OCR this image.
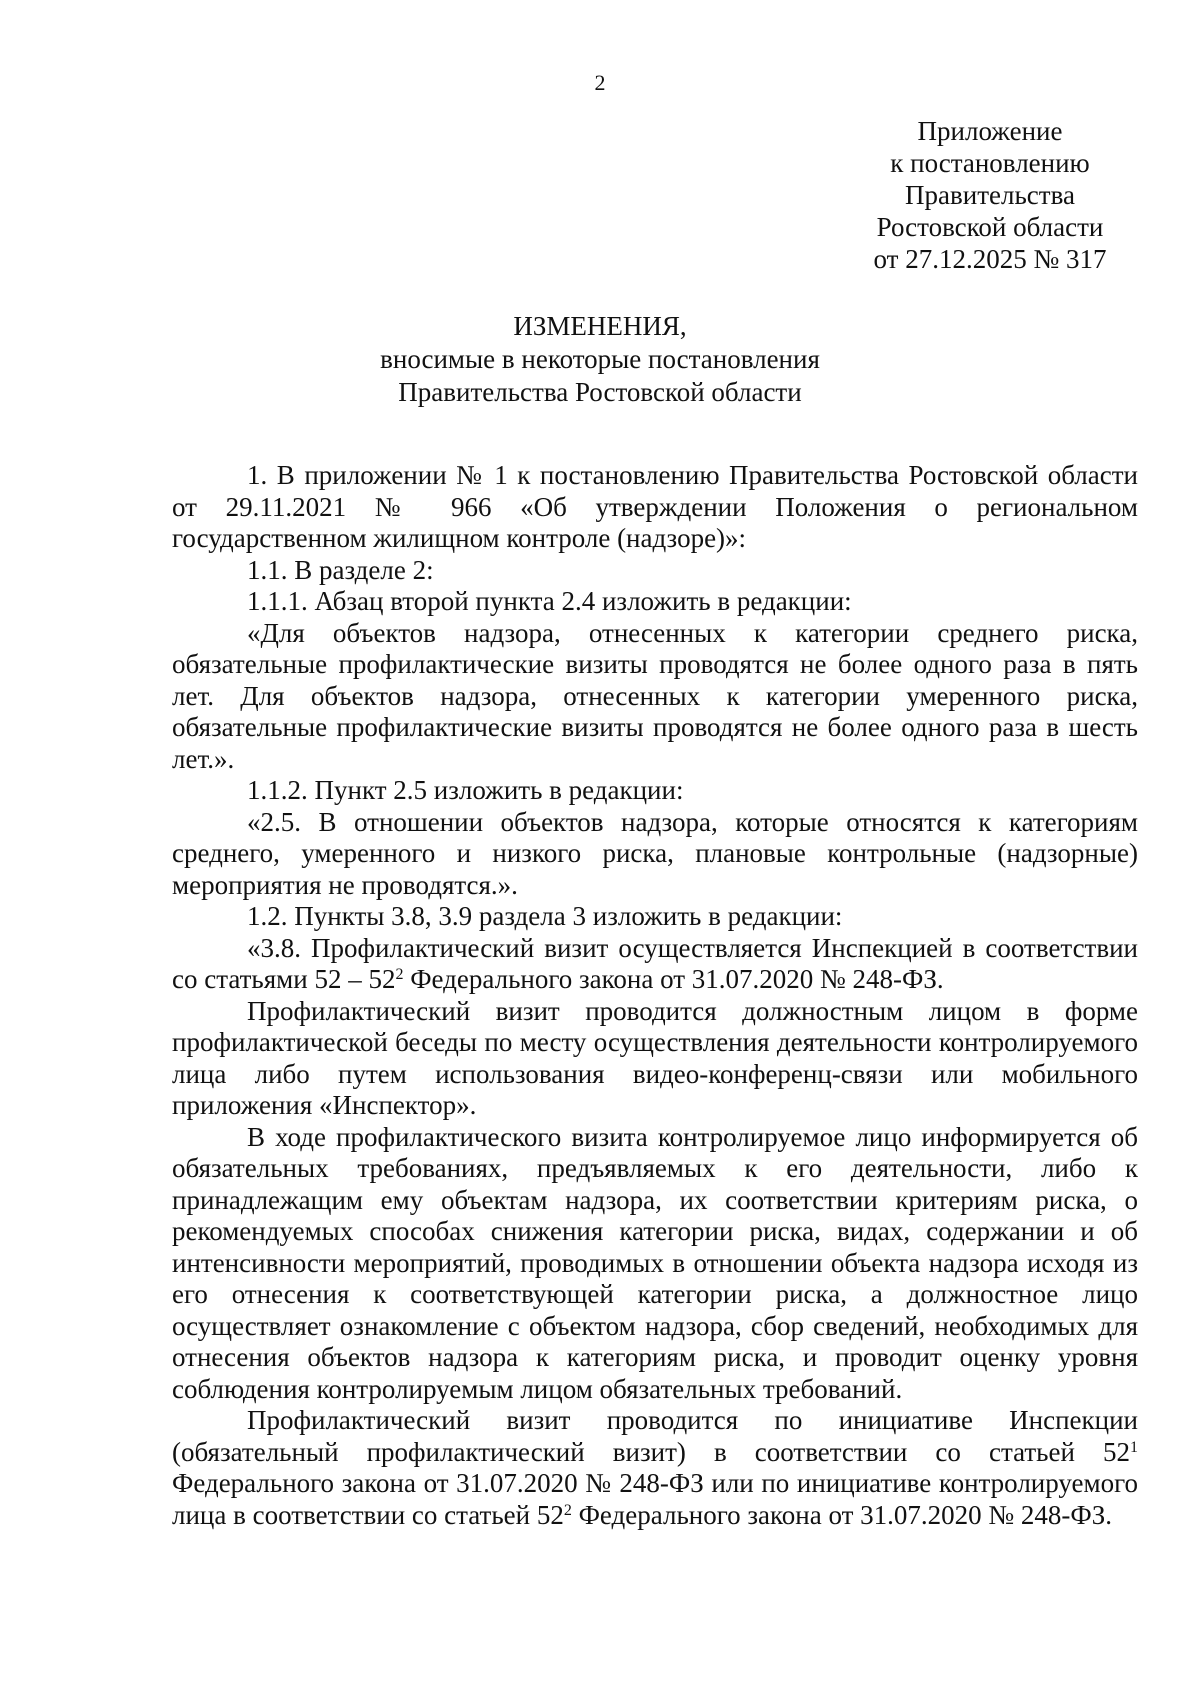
2
Приложение
к постановлению
Правительства
Ростовской области
от 27.12.2025 № 317
ИЗМЕНЕНИЯ,
вносимые в некоторые постановления
Правительства Ростовской области

1. В приложении № 1 к постановлению Правительства Ростовской области от 29.11.2021 № 966 «Об утверждении Положения о региональном государственном жилищном контроле (надзоре)»:

1.1. В разделе 2:

1.1.1. Абзац второй пункта 2.4 изложить в редакции:

«Для объектов надзора, отнесенных к категории среднего риска, обязательные профилактические визиты проводятся не более одного раза в пять лет. Для объектов надзора, отнесенных к категории умеренного риска, обязательные профилактические визиты проводятся не более одного раза в шесть лет.».

1.1.2. Пункт 2.5 изложить в редакции:

«2.5. В отношении объектов надзора, которые относятся к категориям среднего, умеренного и низкого риска, плановые контрольные (надзорные) мероприятия не проводятся.».

1.2. Пункты 3.8, 3.9 раздела 3 изложить в редакции:

«3.8. Профилактический визит осуществляется Инспекцией в соответствии со статьями $52 - 52^2$ Федерального закона от 31.07.2020 № 248-ФЗ.

Профилактический визит проводится должностным лицом в форме профилактической беседы по месту осуществления деятельности контролируемого лица либо путем использования видео-конференц-связи или мобильного приложения «Инспектор».

В ходе профилактического визита контролируемое лицо информируется об обязательных требованиях, предъявляемых к его деятельности, либо к принадлежащим ему объектам надзора, их соответствии критериям риска, о рекомендуемых способах снижения категории риска, видах, содержании и об интенсивности мероприятий, проводимых в отношении объекта надзора исходя из его отнесения к соответствующей категории риска, а должностное лицо осуществляет ознакомление с объектом надзора, сбор сведений, необходимых для отнесения объектов надзора к категориям риска, и проводит оценку уровня соблюдения контролируемым лицом обязательных требований.

Профилактический визит проводится по инициативе Инспекции (обязательный профилактический визит) в соответствии со статьей $52^1$ Федерального закона от 31.07.2020 № 248-ФЗ или по инициативе контролируемого лица в соответствии со статьей $52^2$ Федерального закона от 31.07.2020 № 248-ФЗ.
